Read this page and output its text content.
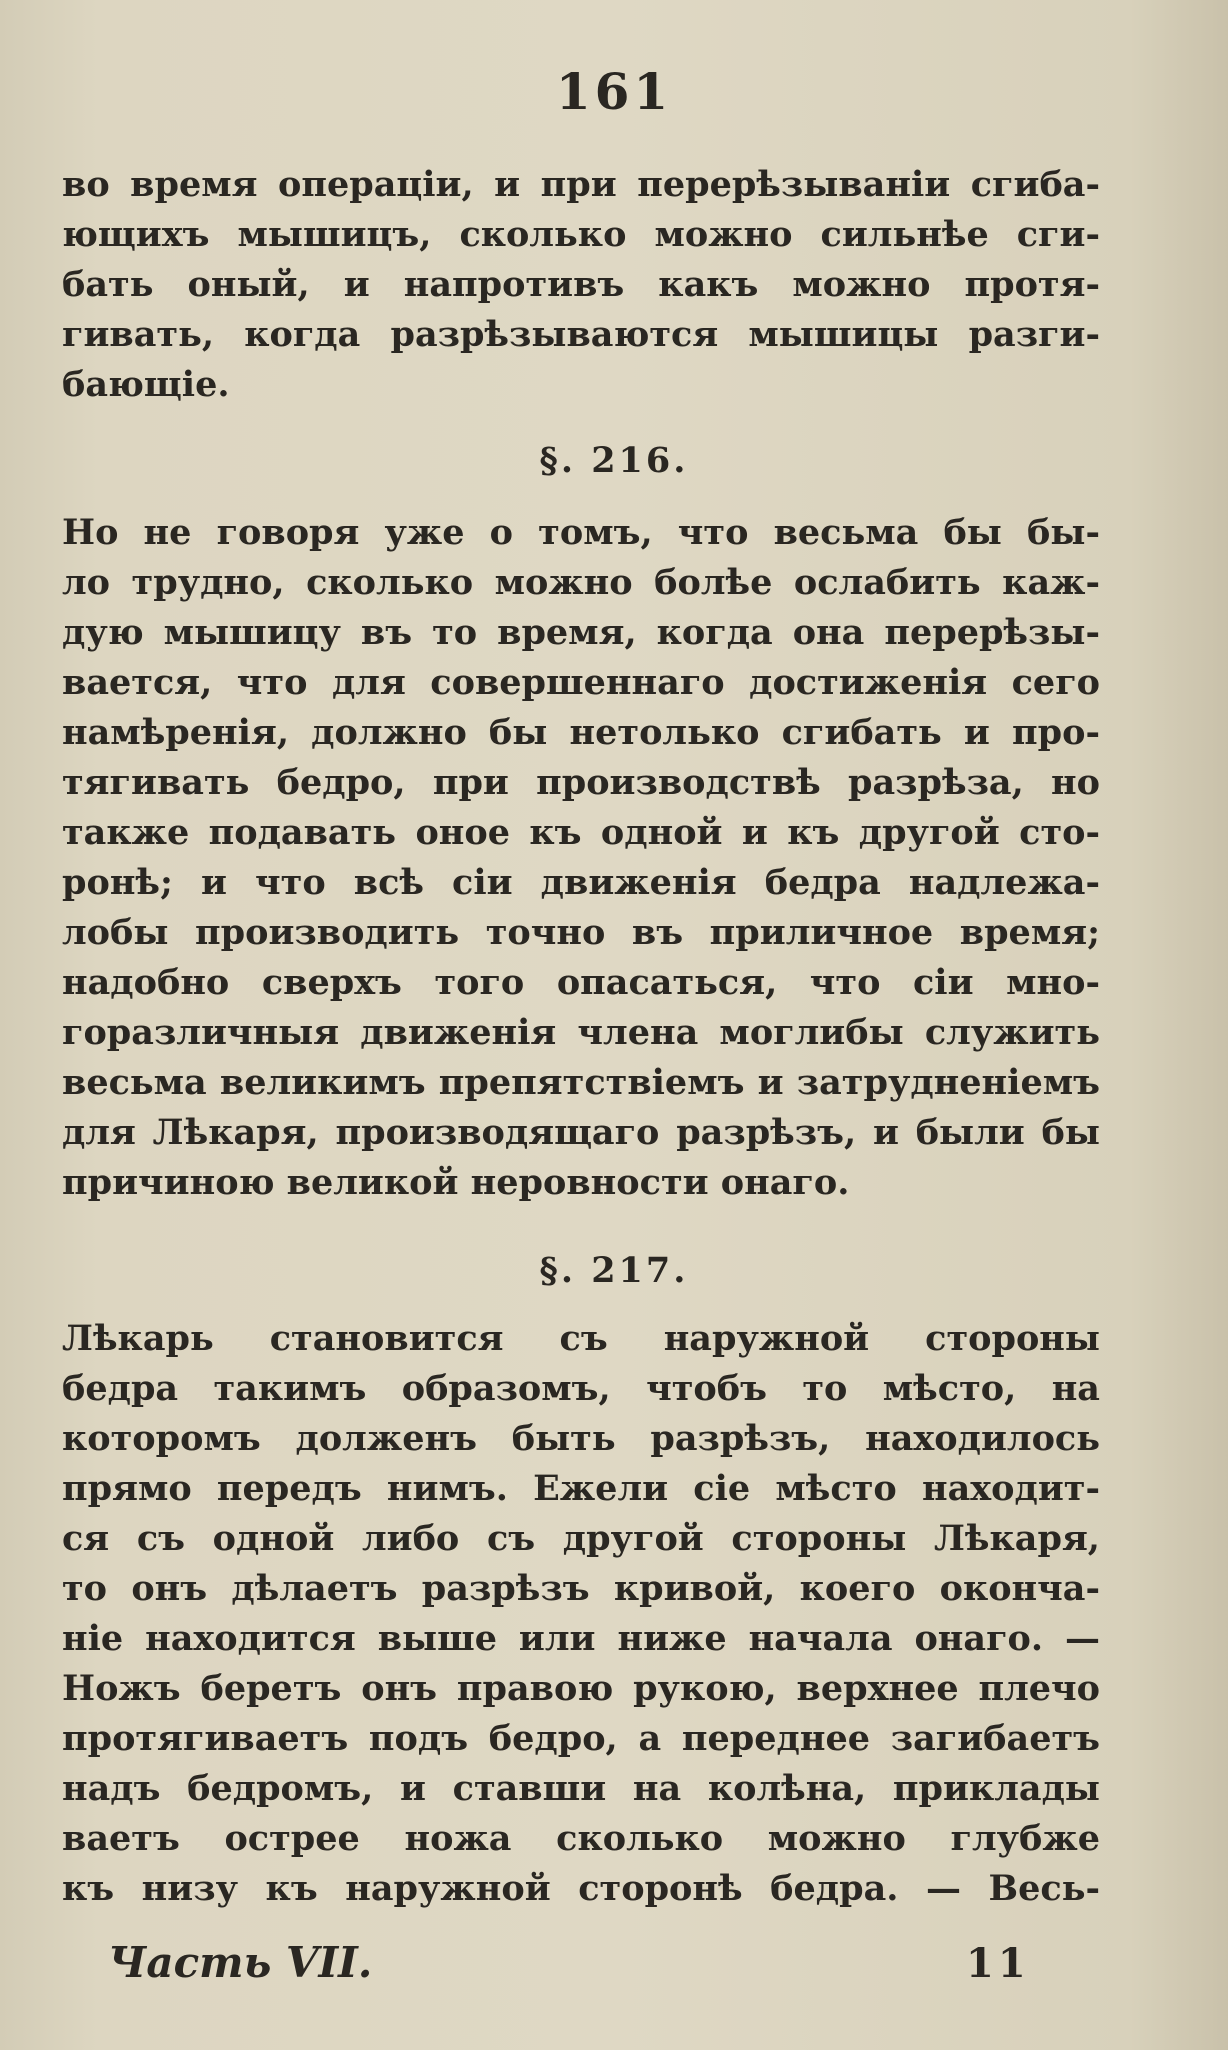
161
во время операціи, и при перерѣзываніи сгиба-
ющихъ мышицъ, сколько можно сильнѣе сги-
бать оный, и напротивъ какъ можно протя-
гивать, когда разрѣзываются мышицы разги-
бающіе.
§. 216.
Но не говоря уже о томъ, что весьма бы бы-
ло трудно, сколько можно болѣе ослабить каж-
дую мышицу въ то время, когда она перерѣзы-
вается, что для совершеннаго достиженія сего
намѣренія, должно бы нетолько сгибать и про-
тягивать бедро, при производствѣ разрѣза, но
также подавать оное къ одной и къ другой сто-
ронѣ; и что всѣ сіи движенія бедра надлежа-
лобы производить точно въ приличное время;
надобно сверхъ того опасаться, что сіи мно-
горазличныя движенія члена моглибы служить
весьма великимъ препятствіемъ и затрудненіемъ
для Лѣкаря, производящаго разрѣзъ, и были бы
причиною великой неровности онаго.
§. 217.
Лѣкарь становится съ наружной стороны
бедра такимъ образомъ, чтобъ то мѣсто, на
которомъ долженъ быть разрѣзъ, находилось
прямо передъ нимъ. Ежели сіе мѣсто находит-
ся съ одной либо съ другой стороны Лѣкаря,
то онъ дѣлаетъ разрѣзъ кривой, коего оконча-
ніе находится выше или ниже начала онаго. —
Ножъ беретъ онъ правою рукою, верхнее плечо
протягиваетъ подъ бедро, а переднее загибаетъ
надъ бедромъ, и ставши на колѣна, приклады
ваетъ острее ножа сколько можно глубже
къ низу къ наружной сторонѣ бедра. — Весь-
Часть VII.	11
